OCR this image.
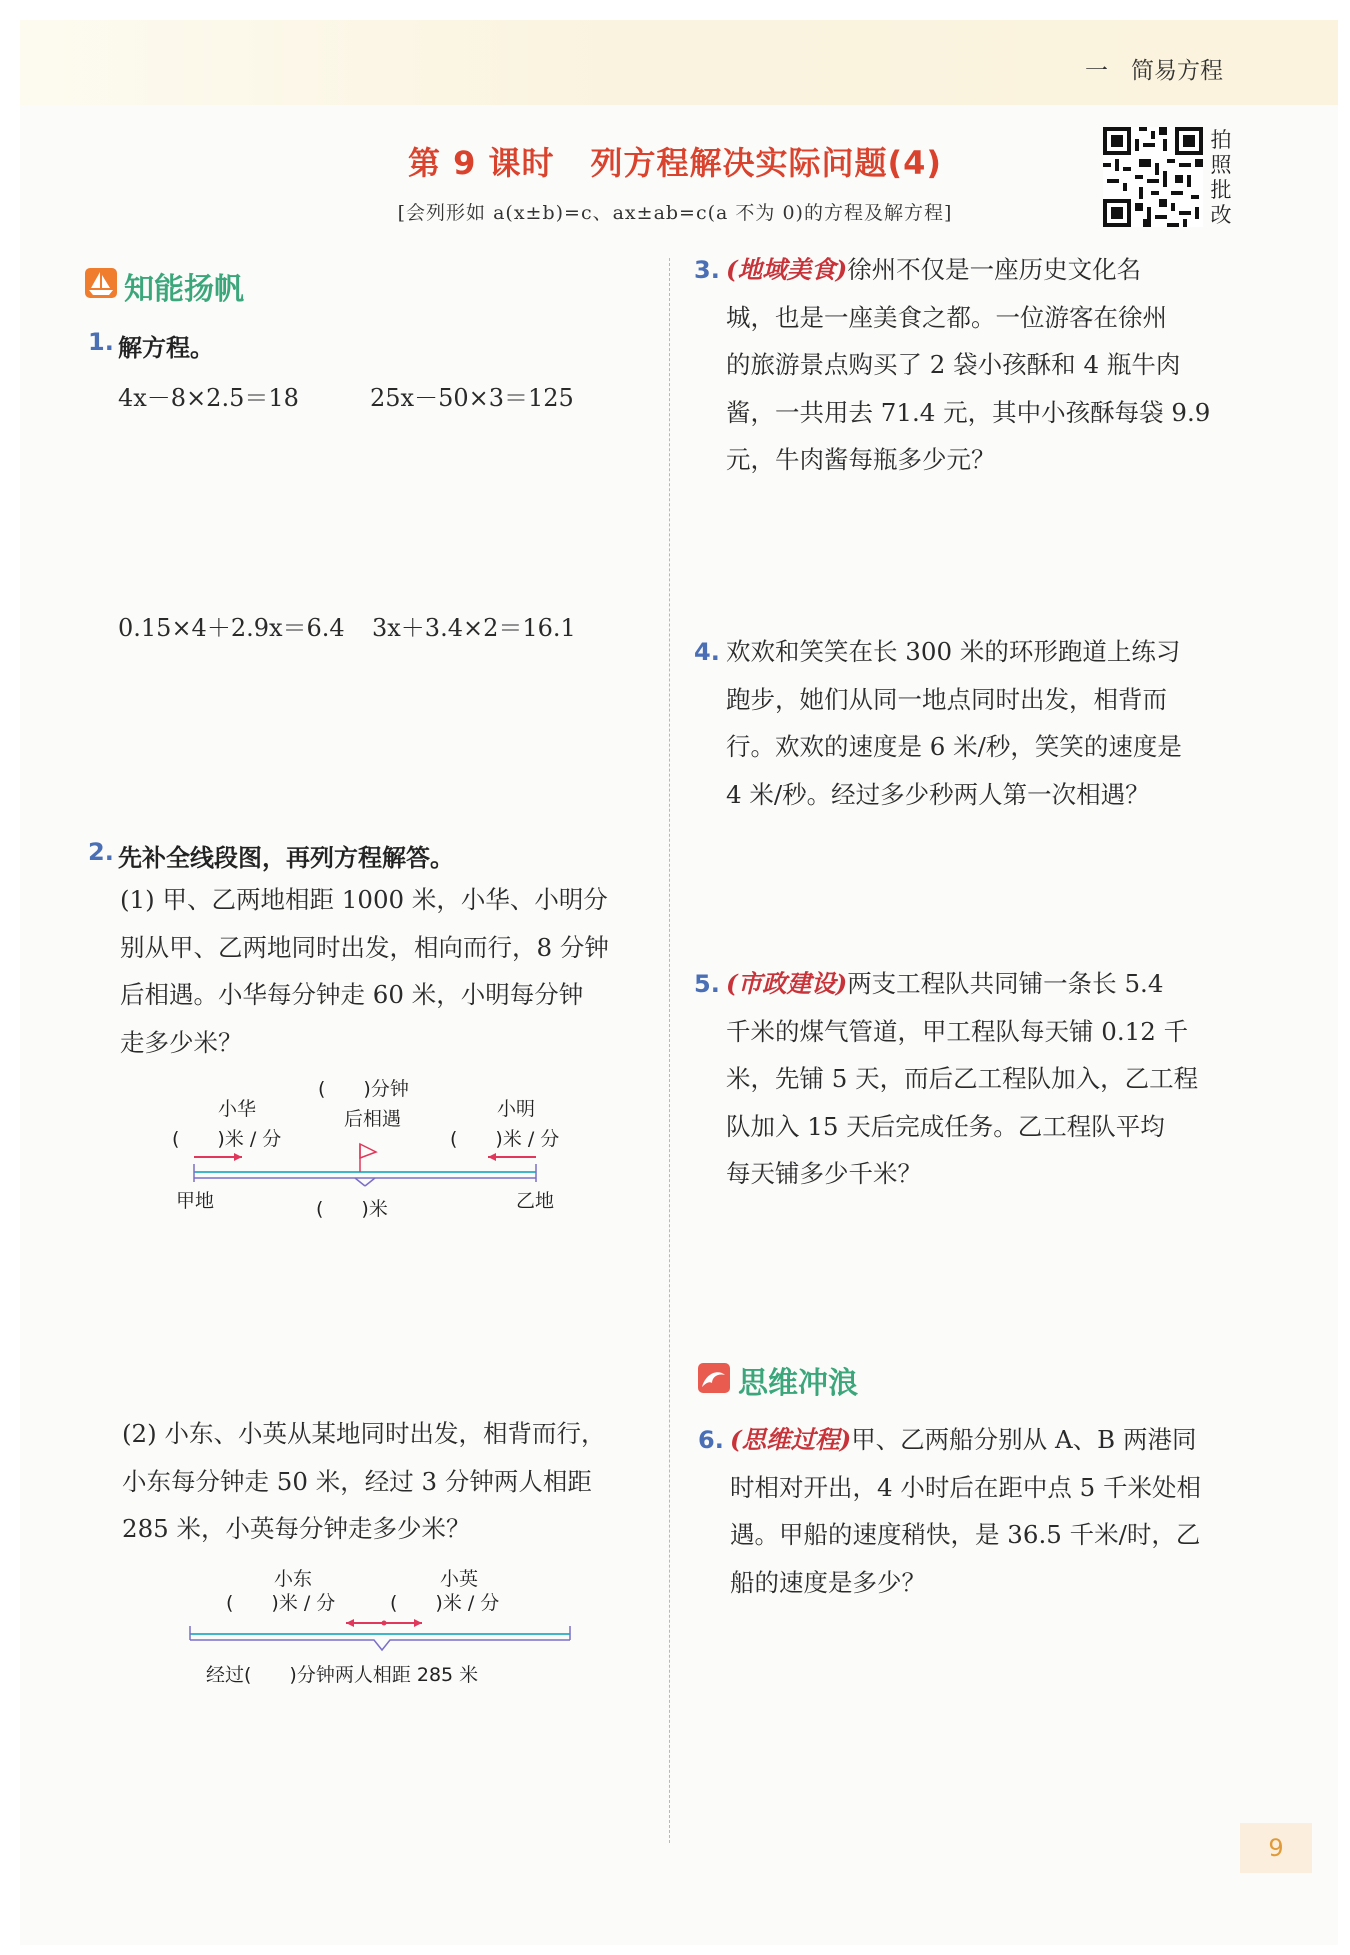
一　简易方程
第 9 课时 列方程解决实际问题(4)
[会列形如 a(x±b)=c、ax±ab=c(a 不为 0)的方程及解方程]
拍
照
批
改
知能扬帆
1. 解方程。
4x－8×2.5＝18	25x－50×3＝125
0.15×4＋2.9x＝6.4 3x＋3.4×2＝16.1
2. 先补全线段图，再列方程解答。

(1) 甲、乙两地相距 1000 米，小华、小明分

别从甲、乙两地同时出发，相向而行，8 分钟

后相遇。小华每分钟走 60 米，小明每分钟

走多少米？

(　　)分钟
后相遇
小华
(　　)米 / 分
小明
(　　)米 / 分
甲地	乙地
(　　)米

(2) 小东、小英从某地同时出发，相背而行，

小东每分钟走 50 米，经过 3 分钟两人相距

285 米，小英每分钟走多少米？

小东
(　　)米 / 分
小英
(　　)米 / 分
经过(　　)分钟两人相距 285 米
3. (地域美食)徐州不仅是一座历史文化名

城，也是一座美食之都。一位游客在徐州

的旅游景点购买了 2 袋小孩酥和 4 瓶牛肉

酱，一共用去 71.4 元，其中小孩酥每袋 9.9

元，牛肉酱每瓶多少元？

4. 欢欢和笑笑在长 300 米的环形跑道上练习

跑步，她们从同一地点同时出发，相背而

行。欢欢的速度是 6 米/秒，笑笑的速度是

4 米/秒。经过多少秒两人第一次相遇？

5. (市政建设)两支工程队共同铺一条长 5.4

千米的煤气管道，甲工程队每天铺 0.12 千

米，先铺 5 天，而后乙工程队加入，乙工程

队加入 15 天后完成任务。乙工程队平均

每天铺多少千米？

思维冲浪
6. (思维过程)甲、乙两船分别从 A、B 两港同

时相对开出，4 小时后在距中点 5 千米处相

遇。甲船的速度稍快，是 36.5 千米/时，乙

船的速度是多少？

9
